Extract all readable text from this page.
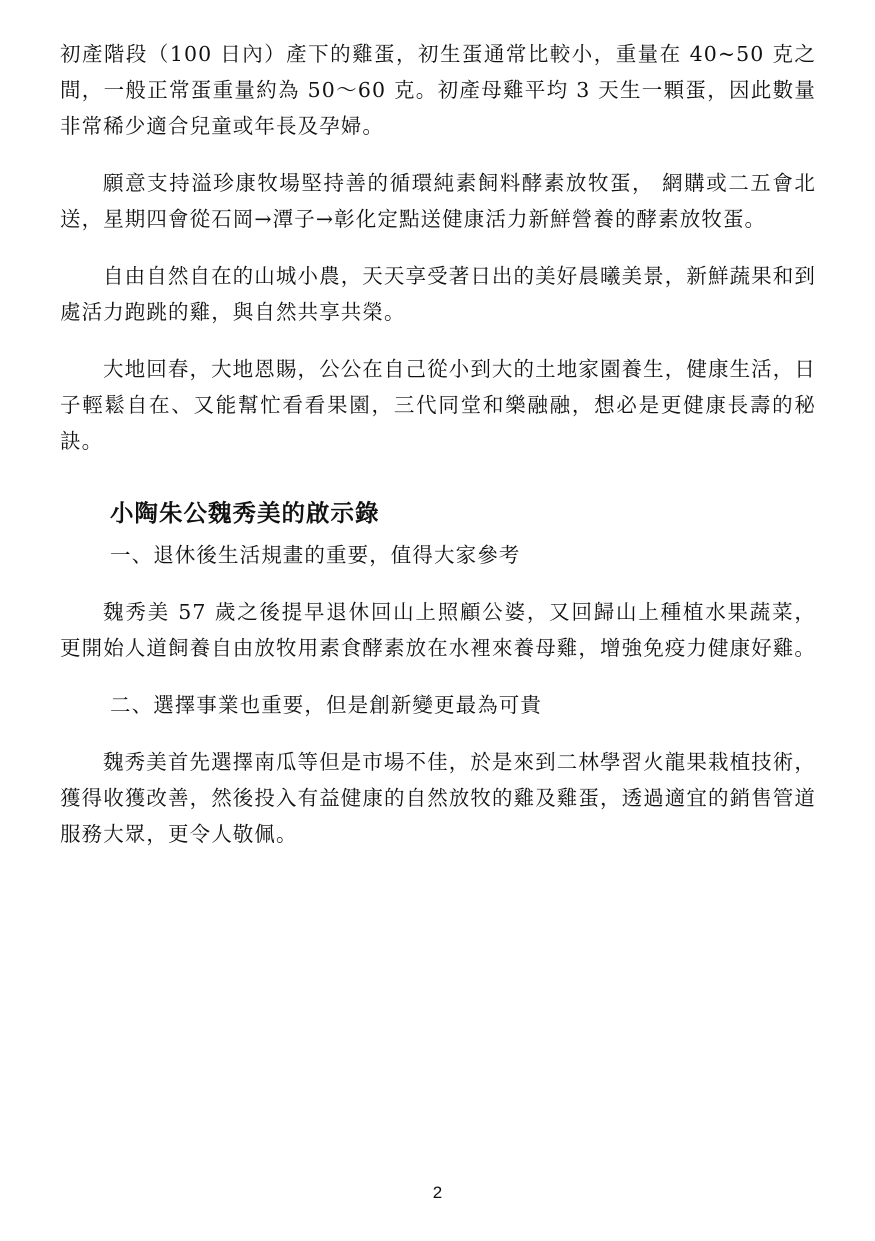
初產階段（100 日內）產下的雞蛋，初生蛋通常比較小，重量在 40~50 克之間，一般正常蛋重量約為 50～60 克。初產母雞平均 3 天生一顆蛋，因此數量非常稀少適合兒童或年長及孕婦。

願意支持溢珍康牧場堅持善的循環純素飼料酵素放牧蛋， 網購或二五會北送，星期四會從石岡→潭子→彰化定點送健康活力新鮮營養的酵素放牧蛋。

自由自然自在的山城小農，天天享受著日出的美好晨曦美景，新鮮蔬果和到處活力跑跳的雞，與自然共享共榮。

大地回春，大地恩賜，公公在自己從小到大的土地家園養生，健康生活，日子輕鬆自在、又能幫忙看看果園，三代同堂和樂融融，想必是更健康長壽的秘訣。

小陶朱公魏秀美的啟示錄

一、退休後生活規畫的重要，值得大家參考

魏秀美 57 歲之後提早退休回山上照顧公婆，又回歸山上種植水果蔬菜，更開始人道飼養自由放牧用素食酵素放在水裡來養母雞，增強免疫力健康好雞。

二、選擇事業也重要，但是創新變更最為可貴

魏秀美首先選擇南瓜等但是市場不佳，於是來到二林學習火龍果栽植技術，獲得收獲改善，然後投入有益健康的自然放牧的雞及雞蛋，透過適宜的銷售管道服務大眾，更令人敬佩。

2
